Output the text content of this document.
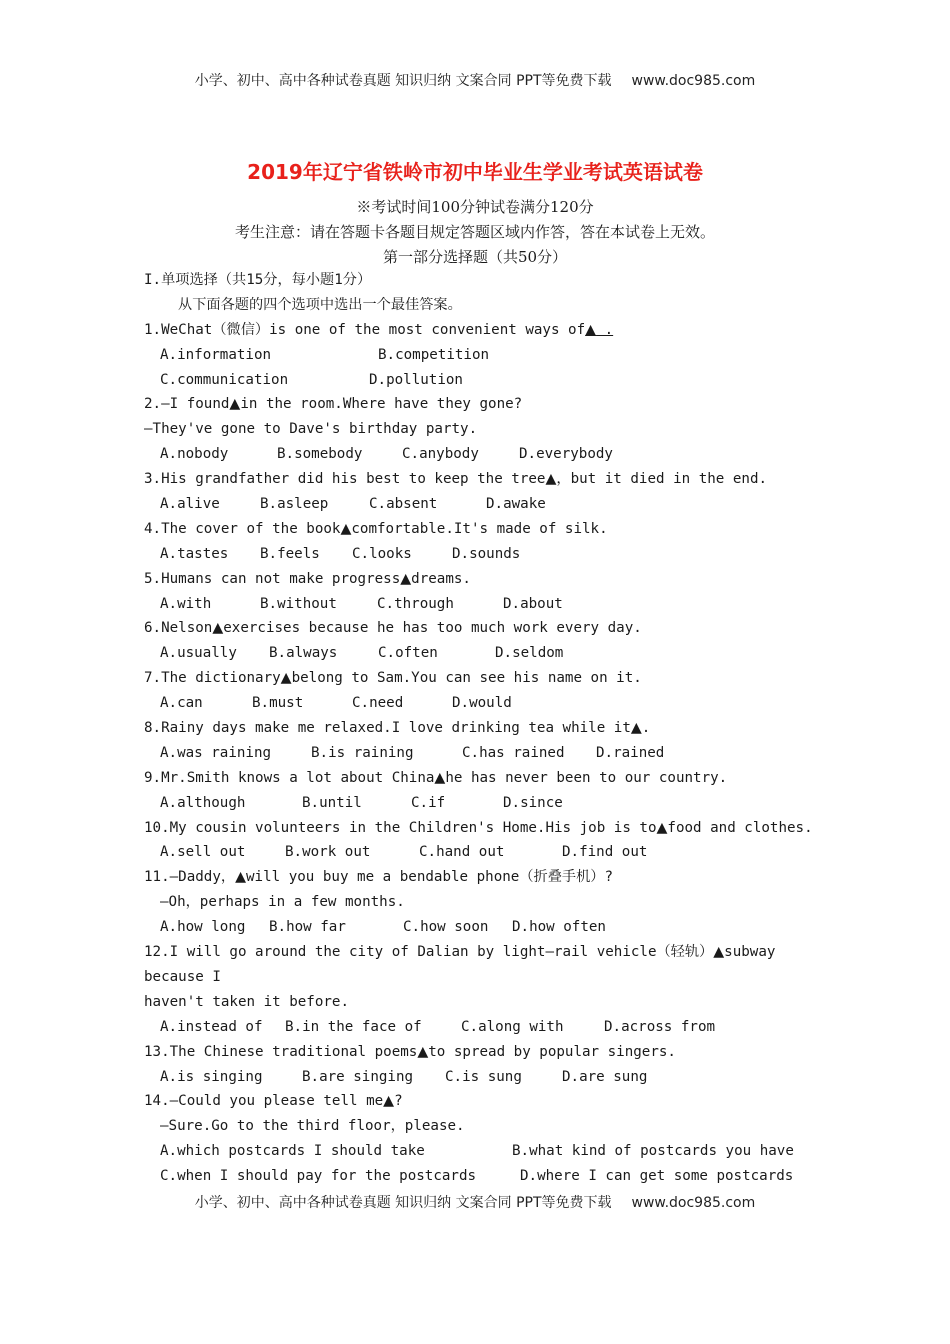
小学、初中、高中各种试卷真题 知识归纳 文案合同 PPT等免费下载 www.doc985.com
2019年辽宁省铁岭市初中毕业生学业考试英语试卷
※考试时间100分钟试卷满分120分
考生注意：请在答题卡各题目规定答题区域内作答，答在本试卷上无效。
第一部分选择题（共50分）
I.单项选择（共15分，每小题1分）
从下面各题的四个选项中选出一个最佳答案。
1.WeChat（微信）is one of the most convenient ways of▲ .
A.information	B.competition
C.communication	D.pollution
2.—I found▲in the room.Where have they gone?
—They've gone to Dave's birthday party.
A.nobody	B.somebody	C.anybody	D.everybody
3.His grandfather did his best to keep the tree▲，but it died in the end.
A.alive	B.asleep	C.absent	D.awake
4.The cover of the book▲comfortable.It's made of silk.
A.tastes B.feels C.looks	D.sounds
5.Humans can not make progress▲dreams.
A.with	B.without	C.through	D.about
6.Nelson▲exercises because he has too much work every day.
A.usually B.always	C.often	D.seldom
7.The dictionary▲belong to Sam.You can see his name on it.
A.can	B.must	C.need	D.would
8.Rainy days make me relaxed.I love drinking tea while it▲.
A.was raining	B.is raining	C.has rained D.rained
9.Mr.Smith knows a lot about China▲he has never been to our country.
A.although	B.until	C.if	D.since
10.My cousin volunteers in the Children's Home.His job is to▲food and clothes.
A.sell out	B.work out	C.hand out	D.find out
11.—Daddy，▲will you buy me a bendable phone（折叠手机）?
—Oh，perhaps in a few months.
A.how long B.how far	C.how soon D.how often
12.I will go around the city of Dalian by light—rail vehicle（轻轨）▲subway
because I
haven't taken it before.
A.instead of B.in the face of	C.along with	D.across from
13.The Chinese traditional poems▲to spread by popular singers.
A.is singing	B.are singing C.is sung	D.are sung
14.—Could you please tell me▲?
—Sure.Go to the third floor，please.
A.which postcards I should take	B.what kind of postcards you have
C.when I should pay for the postcards	D.where I can get some postcards
小学、初中、高中各种试卷真题 知识归纳 文案合同 PPT等免费下载 www.doc985.com
